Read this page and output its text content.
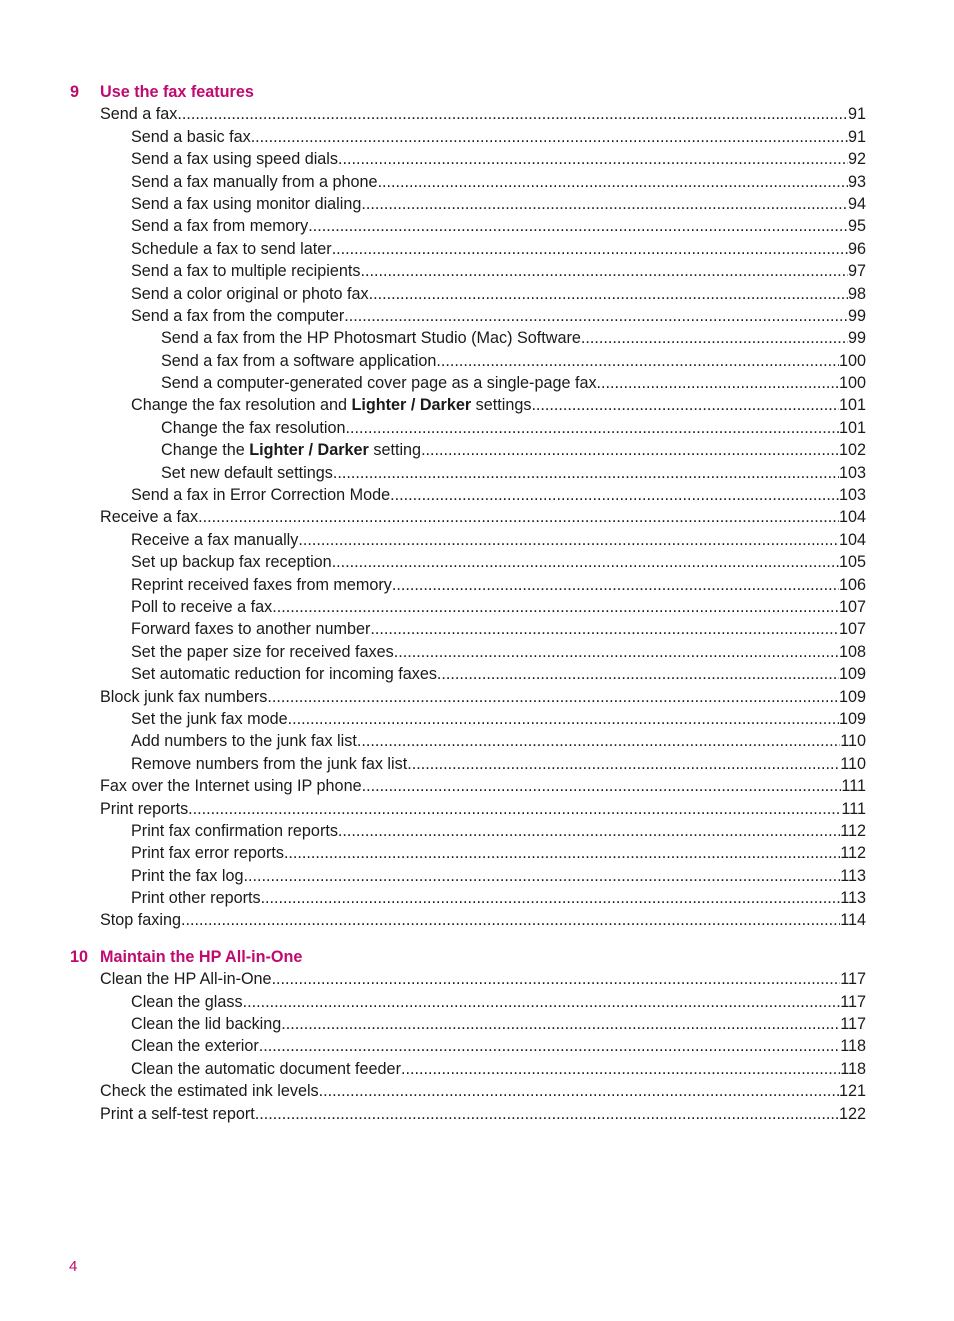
9	Use the fax features
Send a fax .....	91
Send a basic fax .....	91
Send a fax using speed dials .....	92
Send a fax manually from a phone .....	93
Send a fax using monitor dialing .....	94
Send a fax from memory .....	95
Schedule a fax to send later .....	96
Send a fax to multiple recipients .....	97
Send a color original or photo fax .....	98
Send a fax from the computer .....	99
Send a fax from the HP Photosmart Studio (Mac) Software .....	99
Send a fax from a software application .....	100
Send a computer-generated cover page as a single-page fax .....	100
Change the fax resolution and Lighter / Darker settings .....	101
Change the fax resolution .....	101
Change the Lighter / Darker setting .....	102
Set new default settings .....	103
Send a fax in Error Correction Mode .....	103
Receive a fax .....	104
Receive a fax manually .....	104
Set up backup fax reception .....	105
Reprint received faxes from memory .....	106
Poll to receive a fax .....	107
Forward faxes to another number .....	107
Set the paper size for received faxes .....	108
Set automatic reduction for incoming faxes .....	109
Block junk fax numbers .....	109
Set the junk fax mode .....	109
Add numbers to the junk fax list .....	110
Remove numbers from the junk fax list .....	110
Fax over the Internet using IP phone .....	111
Print reports .....	111
Print fax confirmation reports .....	112
Print fax error reports .....	112
Print the fax log .....	113
Print other reports .....	113
Stop faxing .....	114
10 Maintain the HP All-in-One
Clean the HP All-in-One .....	117
Clean the glass .....	117
Clean the lid backing .....	117
Clean the exterior .....	118
Clean the automatic document feeder .....	118
Check the estimated ink levels .....	121
Print a self-test report .....	122
4
